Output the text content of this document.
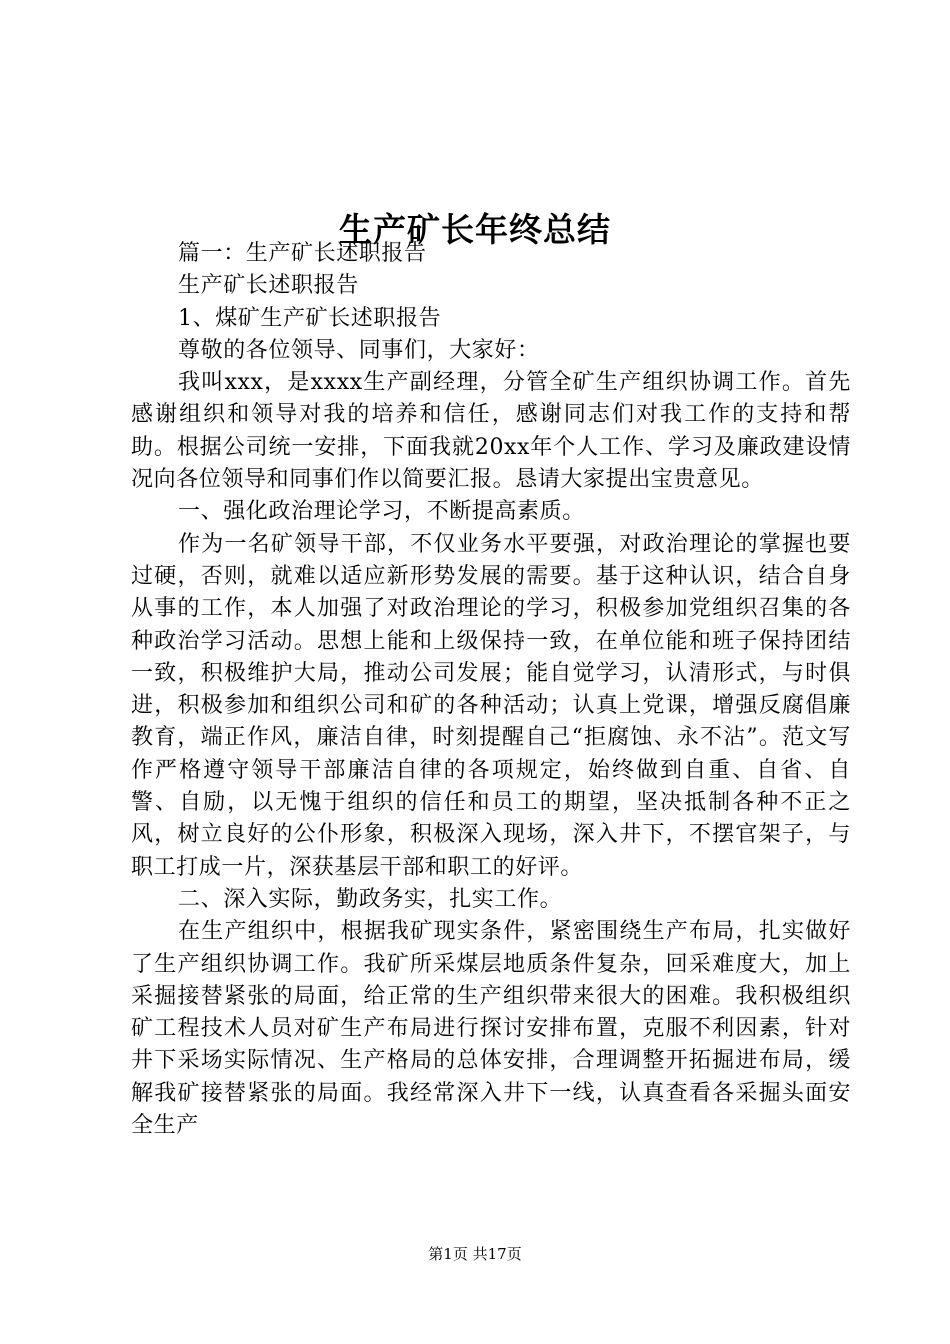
生产矿长年终总结

篇一：生产矿长述职报告

生产矿长述职报告

1、煤矿生产矿长述职报告

尊敬的各位领导、同事们，大家好：

我叫xxx，是xxxx生产副经理，分管全矿生产组织协调工作。首先感谢组织和领导对我的培养和信任，感谢同志们对我工作的支持和帮助。根据公司统一安排，下面我就20xx年个人工作、学习及廉政建设情况向各位领导和同事们作以简要汇报。恳请大家提出宝贵意见。

一、强化政治理论学习，不断提高素质。

作为一名矿领导干部，不仅业务水平要强，对政治理论的掌握也要过硬，否则，就难以适应新形势发展的需要。基于这种认识，结合自身从事的工作，本人加强了对政治理论的学习，积极参加党组织召集的各种政治学习活动。思想上能和上级保持一致，在单位能和班子保持团结一致，积极维护大局，推动公司发展；能自觉学习，认清形式，与时俱进，积极参加和组织公司和矿的各种活动；认真上党课，增强反腐倡廉教育，端正作风，廉洁自律，时刻提醒自己“拒腐蚀、永不沾”。范文写作严格遵守领导干部廉洁自律的各项规定，始终做到自重、自省、自警、自励，以无愧于组织的信任和员工的期望，坚决抵制各种不正之风，树立良好的公仆形象，积极深入现场，深入井下，不摆官架子，与职工打成一片，深获基层干部和职工的好评。

二、深入实际，勤政务实，扎实工作。

在生产组织中，根据我矿现实条件，紧密围绕生产布局，扎实做好了生产组织协调工作。我矿所采煤层地质条件复杂，回采难度大，加上采掘接替紧张的局面，给正常的生产组织带来很大的困难。我积极组织矿工程技术人员对矿生产布局进行探讨安排布置，克服不利因素，针对井下采场实际情况、生产格局的总体安排，合理调整开拓掘进布局，缓解我矿接替紧张的局面。我经常深入井下一线，认真查看各采掘头面安全生产

第1页 共17页
